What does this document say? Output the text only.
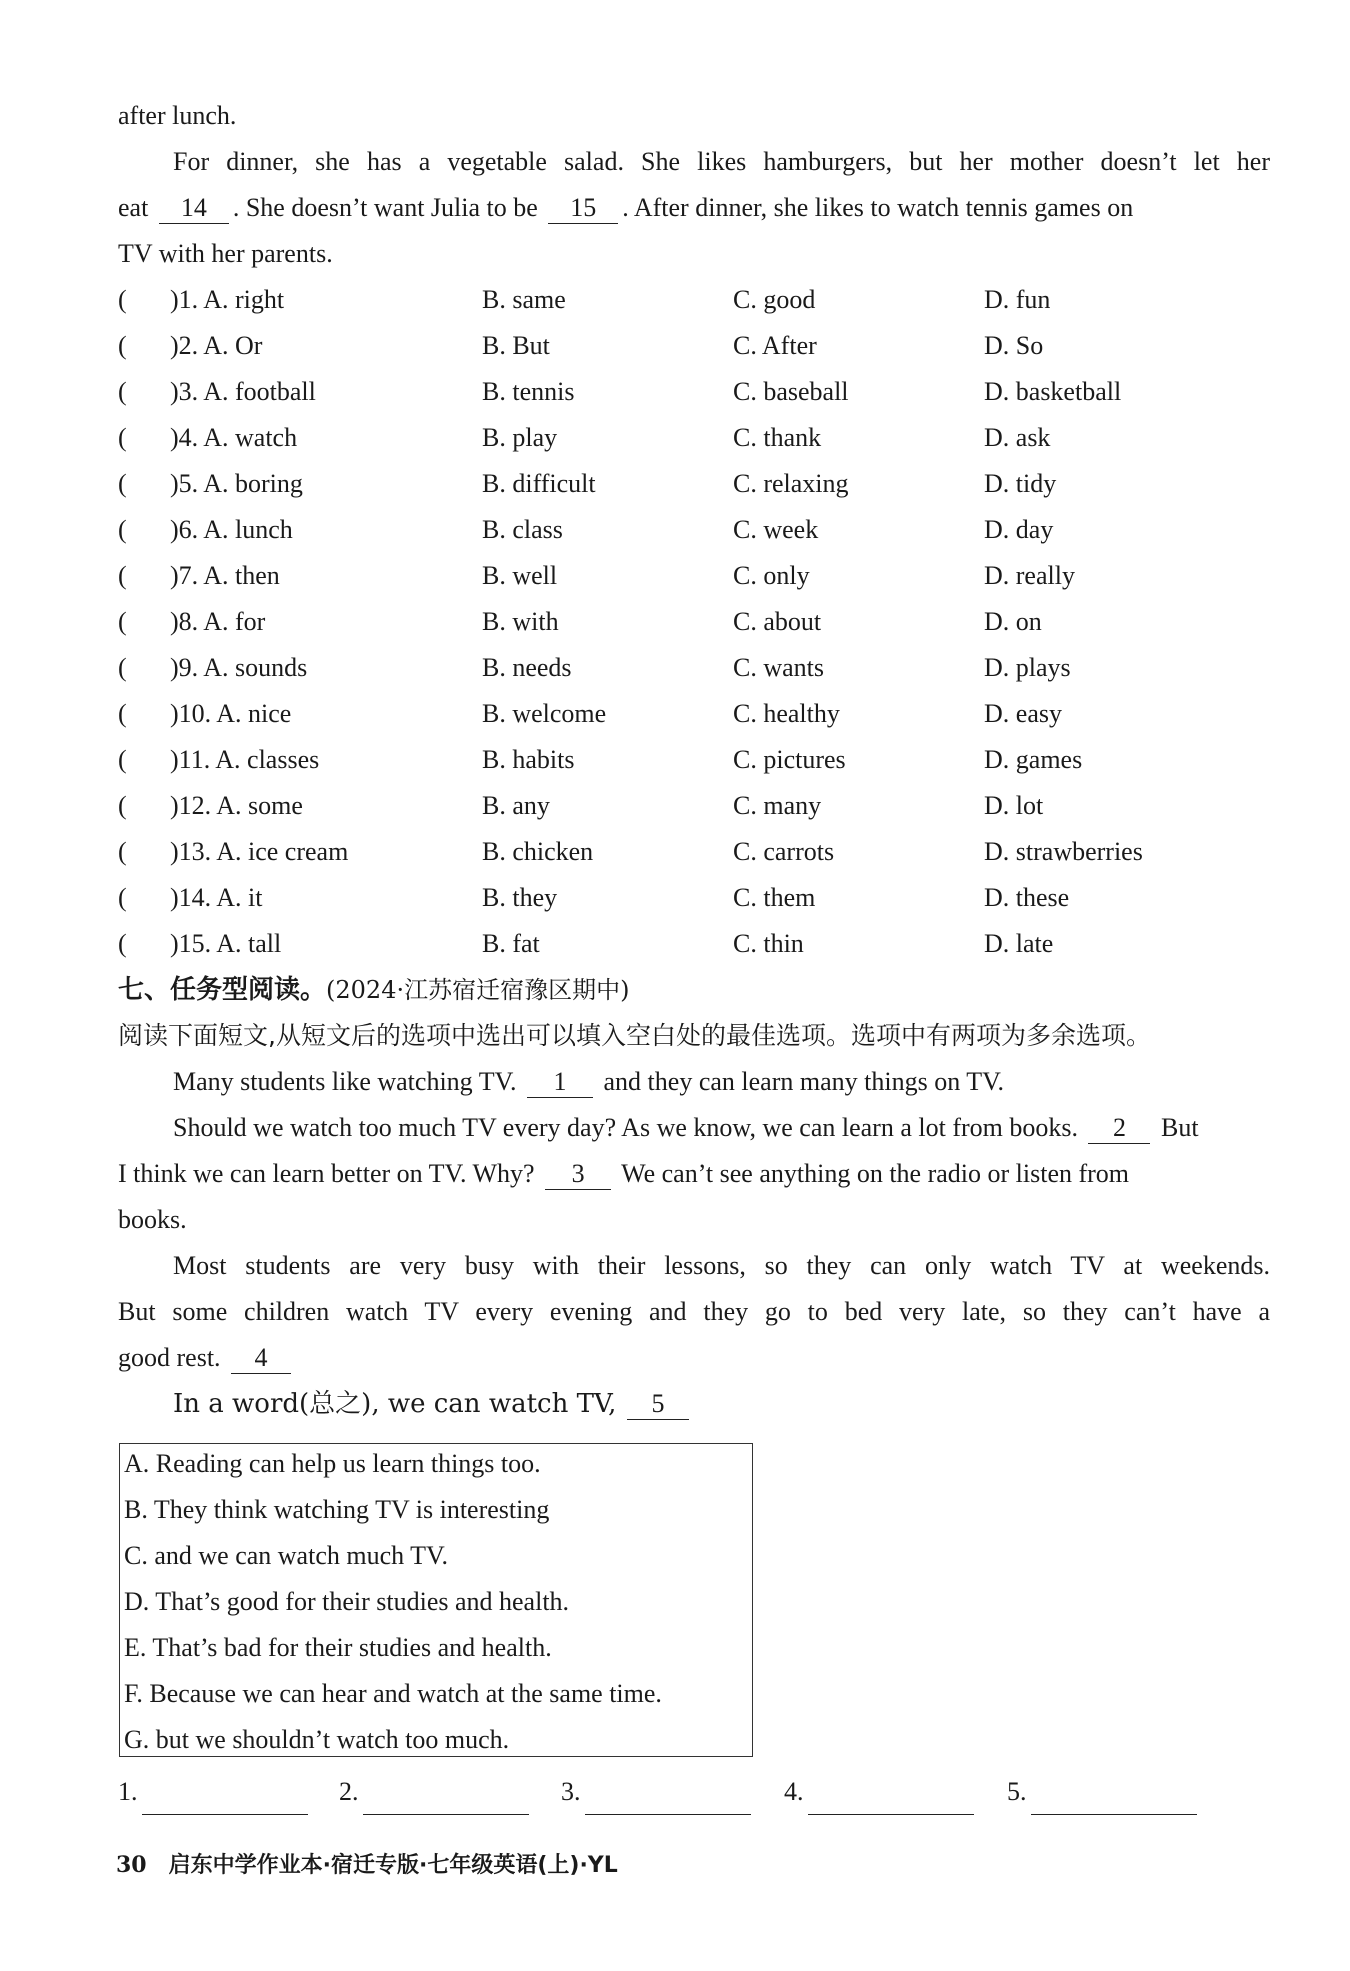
after lunch.
For dinner, she has a vegetable salad. She likes hamburgers, but her mother doesn’t let her
eat 14 . She doesn’t want Julia to be 15 . After dinner, she likes to watch tennis games on
TV with her parents.
( )1. A. right	B. same	C. good	D. fun
( )2. A. Or	B. But	C. After	D. So
( )3. A. football	B. tennis	C. baseball	D. basketball
( )4. A. watch	B. play	C. thank	D. ask
( )5. A. boring	B. difficult	C. relaxing	D. tidy
( )6. A. lunch	B. class	C. week	D. day
( )7. A. then	B. well	C. only	D. really
( )8. A. for	B. with	C. about	D. on
( )9. A. sounds	B. needs	C. wants	D. plays
( )10. A. nice	B. welcome	C. healthy	D. easy
( )11. A. classes	B. habits	C. pictures	D. games
( )12. A. some	B. any	C. many	D. lot
( )13. A. ice cream	B. chicken	C. carrots	D. strawberries
( )14. A. it	B. they	C. them	D. these
( )15. A. tall	B. fat	C. thin	D. late
七、任务型阅读。(2024·江苏宿迁宿豫区期中)
阅读下面短文,从短文后的选项中选出可以填入空白处的最佳选项。选项中有两项为多余选项。
Many students like watching TV. 1 and they can learn many things on TV.
Should we watch too much TV every day? As we know, we can learn a lot from books. 2 But
I think we can learn better on TV. Why? 3 We can’t see anything on the radio or listen from
books.
Most students are very busy with their lessons, so they can only watch TV at weekends.
But some children watch TV every evening and they go to bed very late, so they can’t have a
good rest. 4
In a word(总之), we can watch TV, 5
A. Reading can help us learn things too.
B. They think watching TV is interesting
C. and we can watch much TV.
D. That’s good for their studies and health.
E. That’s bad for their studies and health.
F. Because we can hear and watch at the same time.
G. but we shouldn’t watch too much.
1.	2.	3.	4.	5.
30 启东中学作业本·宿迁专版·七年级英语(上)·YL
